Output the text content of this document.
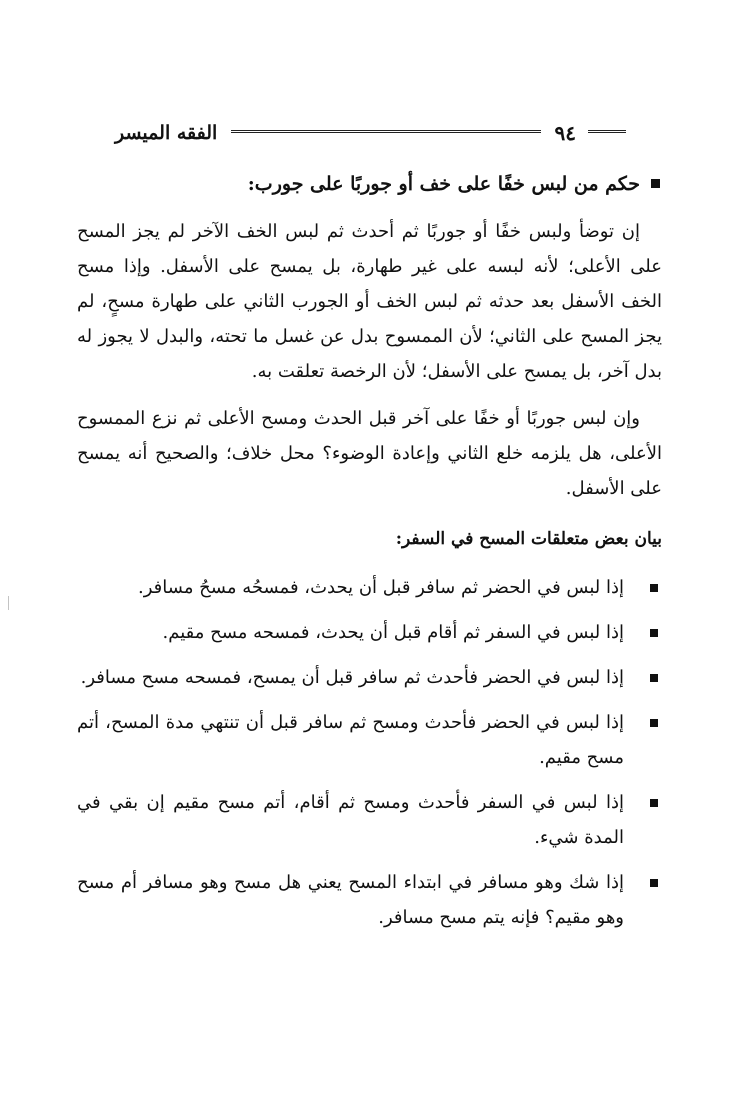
الفقه الميسر	٩٤
حكم من لبس خفًا على خف أو جوربًا على جورب:

إن توضأ ولبس خفًا أو جوربًا ثم أحدث ثم لبس الخف الآخر لم يجز المسح على الأعلى؛ لأنه لبسه على غير طهارة، بل يمسح على الأسفل. وإذا مسح الخف الأسفل بعد حدثه ثم لبس الخف أو الجورب الثاني على طهارة مسحٍ، لم يجز المسح على الثاني؛ لأن الممسوح بدل عن غسل ما تحته، والبدل لا يجوز له بدل آخر، بل يمسح على الأسفل؛ لأن الرخصة تعلقت به.

وإن لبس جوربًا أو خفًا على آخر قبل الحدث ومسح الأعلى ثم نزع الممسوح الأعلى، هل يلزمه خلع الثاني وإعادة الوضوء؟ محل خلاف؛ والصحيح أنه يمسح على الأسفل.

بيان بعض متعلقات المسح في السفر:
إذا لبس في الحضر ثم سافر قبل أن يحدث، فمسحُه مسحُ مسافر.
إذا لبس في السفر ثم أقام قبل أن يحدث، فمسحه مسح مقيم.
إذا لبس في الحضر فأحدث ثم سافر قبل أن يمسح، فمسحه مسح مسافر.
إذا لبس في الحضر فأحدث ومسح ثم سافر قبل أن تنتهي مدة المسح، أتم مسح مقيم.
إذا لبس في السفر فأحدث ومسح ثم أقام، أتم مسح مقيم إن بقي في المدة شيء.
إذا شك وهو مسافر في ابتداء المسح يعني هل مسح وهو مسافر أم مسح وهو مقيم؟ فإنه يتم مسح مسافر.
